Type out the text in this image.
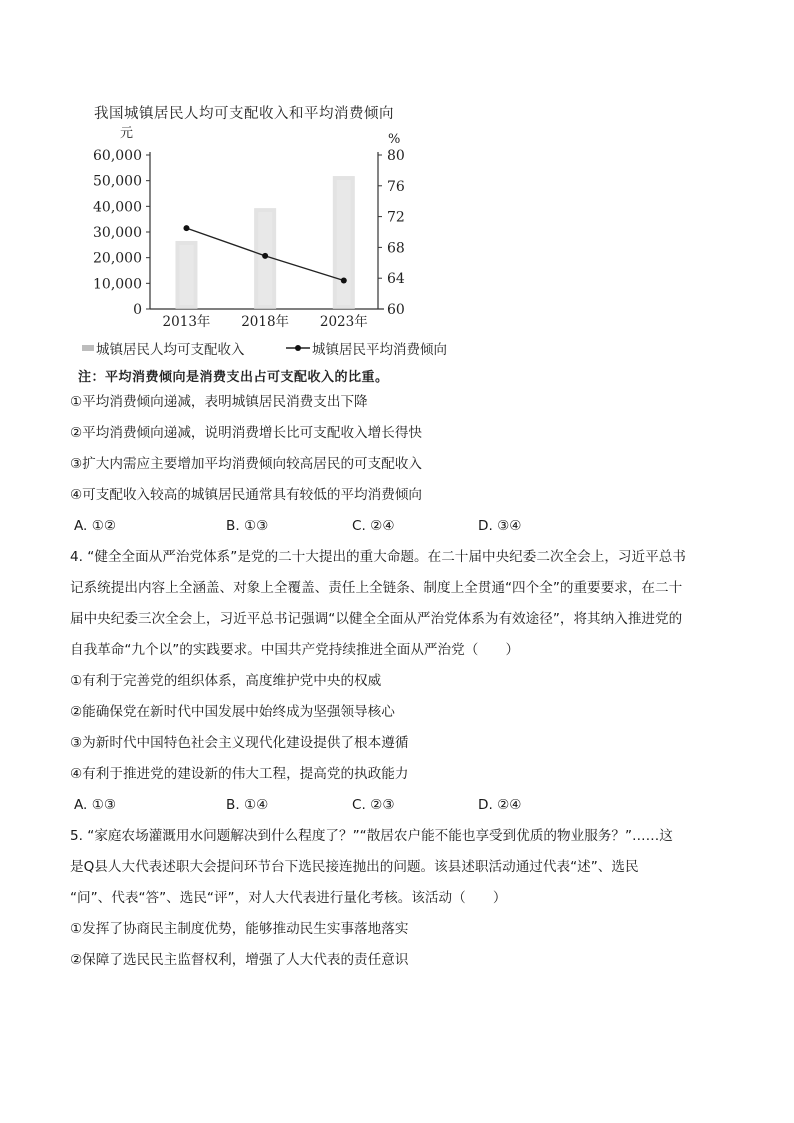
我国城镇居民人均可支配收入和平均消费倾向
元	%
60,000
50,000
40,000
30,000
20,000
10,000
0
80
76
72
68
64
60
2013年 2018年 2023年
城镇居民人均可支配收入	城镇居民平均消费倾向
注：平均消费倾向是消费支出占可支配收入的比重。
①平均消费倾向递减，表明城镇居民消费支出下降
②平均消费倾向递减，说明消费增长比可支配收入增长得快
③扩大内需应主要增加平均消费倾向较高居民的可支配收入
④可支配收入较高的城镇居民通常具有较低的平均消费倾向
A. ①②	B. ①③	C. ②④	D. ③④
4. “健全全面从严治党体系”是党的二十大提出的重大命题。在二十届中央纪委二次全会上，习近平总书
记系统提出内容上全涵盖、对象上全覆盖、责任上全链条、制度上全贯通“四个全”的重要要求，在二十
届中央纪委三次全会上，习近平总书记强调“以健全全面从严治党体系为有效途径”，将其纳入推进党的
自我革命“九个以”的实践要求。中国共产党持续推进全面从严治党（　　）
①有利于完善党的组织体系，高度维护党中央的权威
②能确保党在新时代中国发展中始终成为坚强领导核心
③为新时代中国特色社会主义现代化建设提供了根本遵循
④有利于推进党的建设新的伟大工程，提高党的执政能力
A. ①③	B. ①④	C. ②③	D. ②④
5. “家庭农场灌溉用水问题解决到什么程度了？”“散居农户能不能也享受到优质的物业服务？”……这
是Q县人大代表述职大会提问环节台下选民接连抛出的问题。该县述职活动通过代表“述”、选民
“问”、代表“答”、选民“评”，对人大代表进行量化考核。该活动（　　）
①发挥了协商民主制度优势，能够推动民生实事落地落实
②保障了选民民主监督权利，增强了人大代表的责任意识
